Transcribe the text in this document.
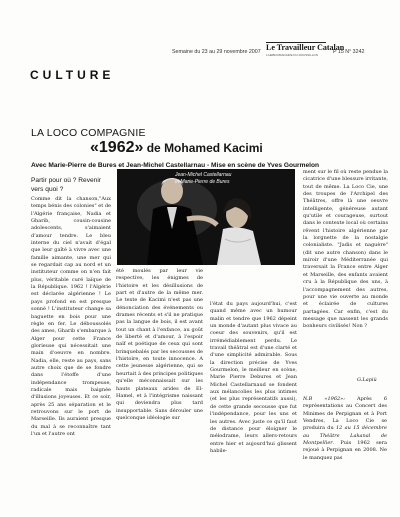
Semaine du 23 au 29 novembre 2007 Le Travailleur Catalan
L'HEBDOMADAIRE DU ROUSSILLON	P 15 N° 3242
CULTURE
LA LOCO COMPAGNIE
«1962» de Mohamed Kacimi
Avec Marie-Pierre de Bures et Jean-Michel Castellarnau - Mise en scène de Yves Gourmelon
Partir pour où ? Revenir vers quoi ?

Comme dit la chanson,"Aux temps bénis des colonies" et de l'Algérie française, Nadia et Gharib, cousin-cousine adolescents, s'aimaient d'amour tendre. Le bleu interne du ciel n'avait d'égal que leur gaîté à vivre avec une famille aimante, une mer qui se regardait cap au nord et un instituteur comme on n'en fait plus, véritable curé laïque de la République. 1962 ! l'Algérie est déclarée algérienne ! Le pays profond en est presque sonné ! L'instituteur change sa baguette en bois pour une règle en fer. Le déboussolés des ames, Gharib s'embarque à Alger pour cette France glorieuse qui nécessitait une main d'oeuvre en nombre. Nadia, elle, reste au pays, sans autre choix que de se fondre dans l'étoffe d'une indépendance trompeuse, radicale mais baignée d'illusions joyeuses. Et ce soir, après 25 ans séparation et le retrouvons sur le port de Marseille. Ils auraient presque du mal à se reconnaître tant l'un et l'autre ont

Jean-Michel Castellarnau
et Marie-Pierre de Bures

été moulés par leur vie respective, les énigmes de l'histoire et les désillusions de part et d'autre de la même mer. Le texte de Kacimi n'est pas une dénonciation des événements ou drames récents et s'il ne pratique pas la langue de bois, il est avant tout un chant à l'enfance, au goût de liberté et d'amour, à l'espoir naïf et poétique de ceux qui sont brinquebalés par les secousses de l'histoire, en toute innocence. A cette jeunesse algérienne, qui se heurtait à des principes politiques qu'elle méconnaissait sur les hauts plateaux arides de El-Hamel, et à l'intégrisme naissant qui deviendra plus tard insupportable. Sans dérouler une quelconque idéologie sur

l'état du pays aujourd'hui, c'est quand même avec un humour malin et tendre que 1962 dépeint un monde d'autant plus vivace au coeur des souvenirs, qu'il est irrémédiablement perdu. Le travail théâtral est d'une clarté et d'une simplicité admirable. Sous la direction précise de Yves Gourmelon, le meilleur en scène, Marie Pierre Debures et Jean Michel Castellarnaud se fondent aux mélancolies les plus intimes (et les plus représentatifs aussi), de cette grande secousse que fut l'indépendance, pour les uns et les autres. Avec juste ce qu'il faut de distance pour éloigner le mélodrame, leurs allers-retours entre hier et aujourd'hui glissent habile-

ment sur le fil où reste pendue la cicatrice d'une blessure irritante, tout de même. La Loco Cie, une des troupes de l'Archipel des Théâtres, offre là une oeuvre intelligente, généreuse autant qu'utile et courageuse, surtout dans le contexte local où certains rêvent l'histoire algérienne par la lorgnette de la nostalgie colonialiste. "Jadis et naguère" (dit une autre chanson) dans le miroir d'une Méditerranée qui traversait la France entre Alger et Marseille, des enfants avaient cru à la République des uns, à l'accompagnement des autres, pour une vie ouverte au monde et éclairée de cultures partagées. Car enfin, c'est du message que nassent les grands bonheurs civilisés! Non ?

G.Lapiù

N.B «1962»: Après 6 représentations au Concert des Minimes de Perpignan et à Port Vendres, La Loco Cie se produira du 12 au 15 décembre au Théâtre Lakanal de Montpellier. Puis 1962 sera rejoué à Perpignan en 2008. Ne le manquez pas
